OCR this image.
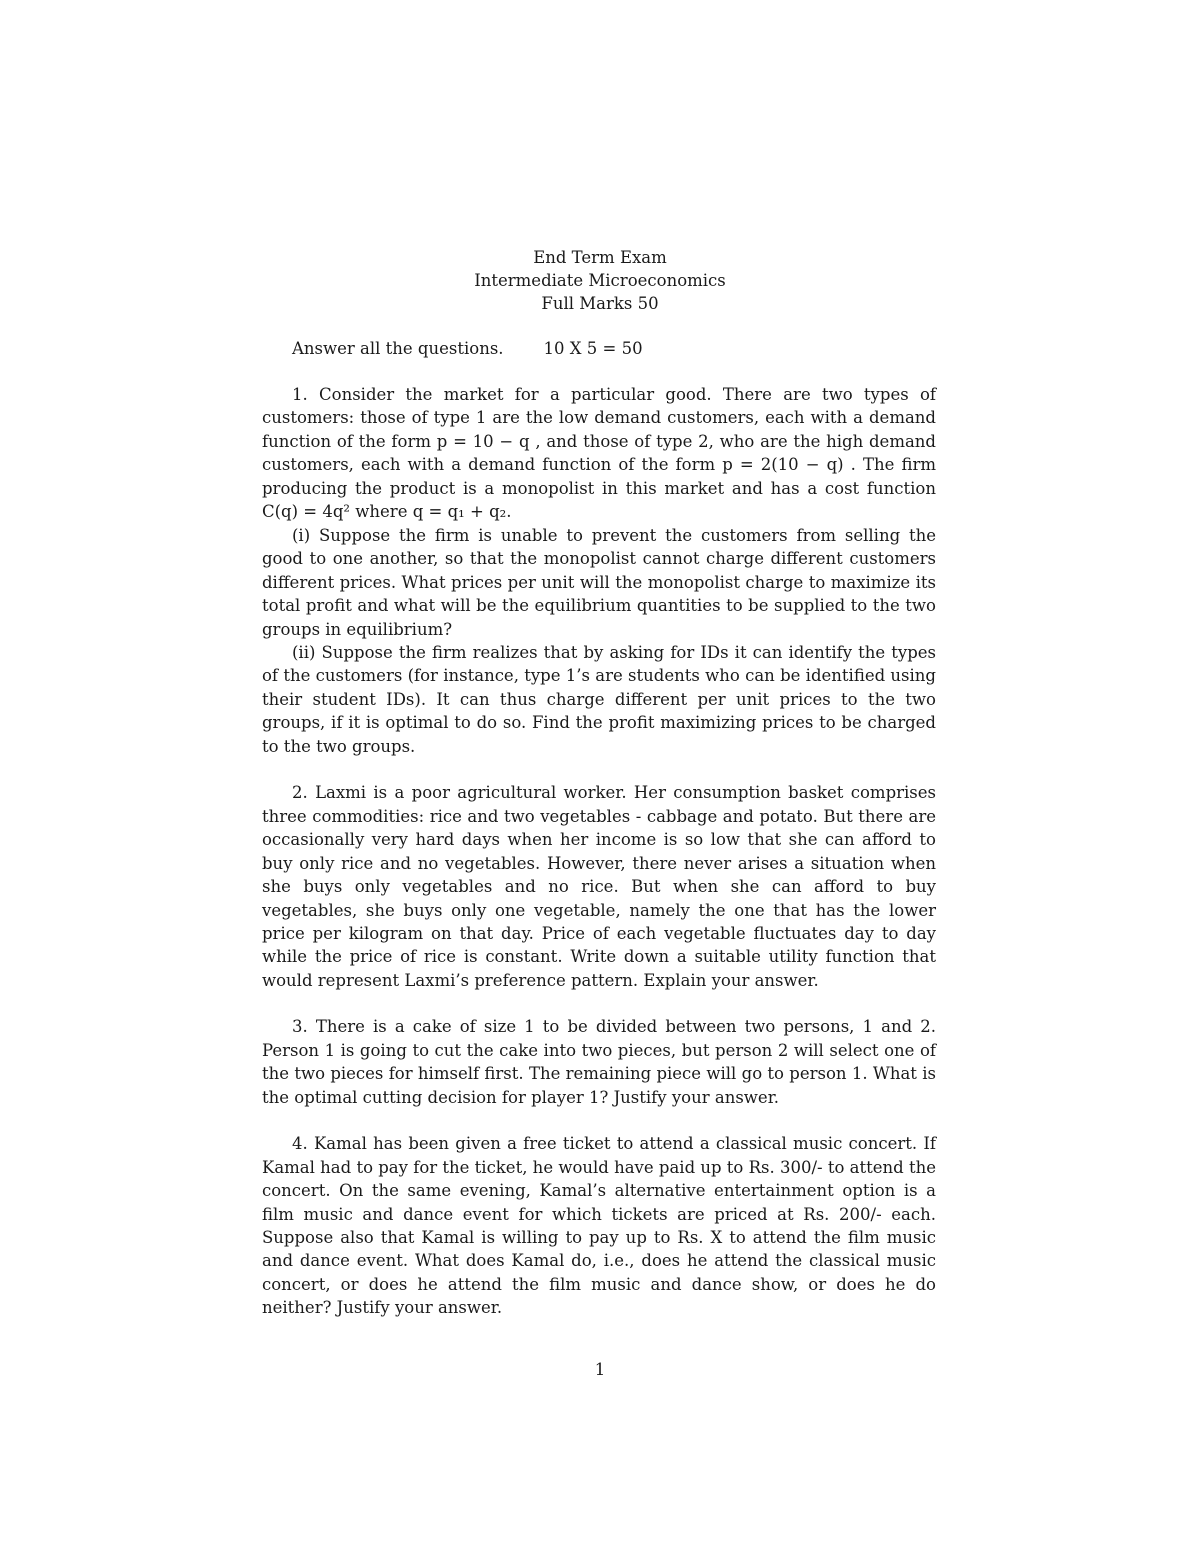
End Term Exam
Intermediate Microeconomics
Full Marks 50
Answer all the questions. 10 X 5 = 50

1. Consider the market for a particular good. There are two types of customers: those of type 1 are the low demand customers, each with a demand function of the form p = 10 − q , and those of type 2, who are the high demand customers, each with a demand function of the form p = 2(10 − q) . The firm producing the product is a monopolist in this market and has a cost function C(q) = 4q² where q = q₁ + q₂.

(i) Suppose the firm is unable to prevent the customers from selling the good to one another, so that the monopolist cannot charge different customers different prices. What prices per unit will the monopolist charge to maximize its total profit and what will be the equilibrium quantities to be supplied to the two groups in equilibrium?

(ii) Suppose the firm realizes that by asking for IDs it can identify the types of the customers (for instance, type 1’s are students who can be identified using their student IDs). It can thus charge different per unit prices to the two groups, if it is optimal to do so. Find the profit maximizing prices to be charged to the two groups.

2. Laxmi is a poor agricultural worker. Her consumption basket comprises three commodities: rice and two vegetables - cabbage and potato. But there are occasionally very hard days when her income is so low that she can afford to buy only rice and no vegetables. However, there never arises a situation when she buys only vegetables and no rice. But when she can afford to buy vegetables, she buys only one vegetable, namely the one that has the lower price per kilogram on that day. Price of each vegetable fluctuates day to day while the price of rice is constant. Write down a suitable utility function that would represent Laxmi’s preference pattern. Explain your answer.

3. There is a cake of size 1 to be divided between two persons, 1 and 2. Person 1 is going to cut the cake into two pieces, but person 2 will select one of the two pieces for himself first. The remaining piece will go to person 1. What is the optimal cutting decision for player 1? Justify your answer.

4. Kamal has been given a free ticket to attend a classical music concert. If Kamal had to pay for the ticket, he would have paid up to Rs. 300/- to attend the concert. On the same evening, Kamal’s alternative entertainment option is a film music and dance event for which tickets are priced at Rs. 200/- each. Suppose also that Kamal is willing to pay up to Rs. X to attend the film music and dance event. What does Kamal do, i.e., does he attend the classical music concert, or does he attend the film music and dance show, or does he do neither? Justify your answer.

1
